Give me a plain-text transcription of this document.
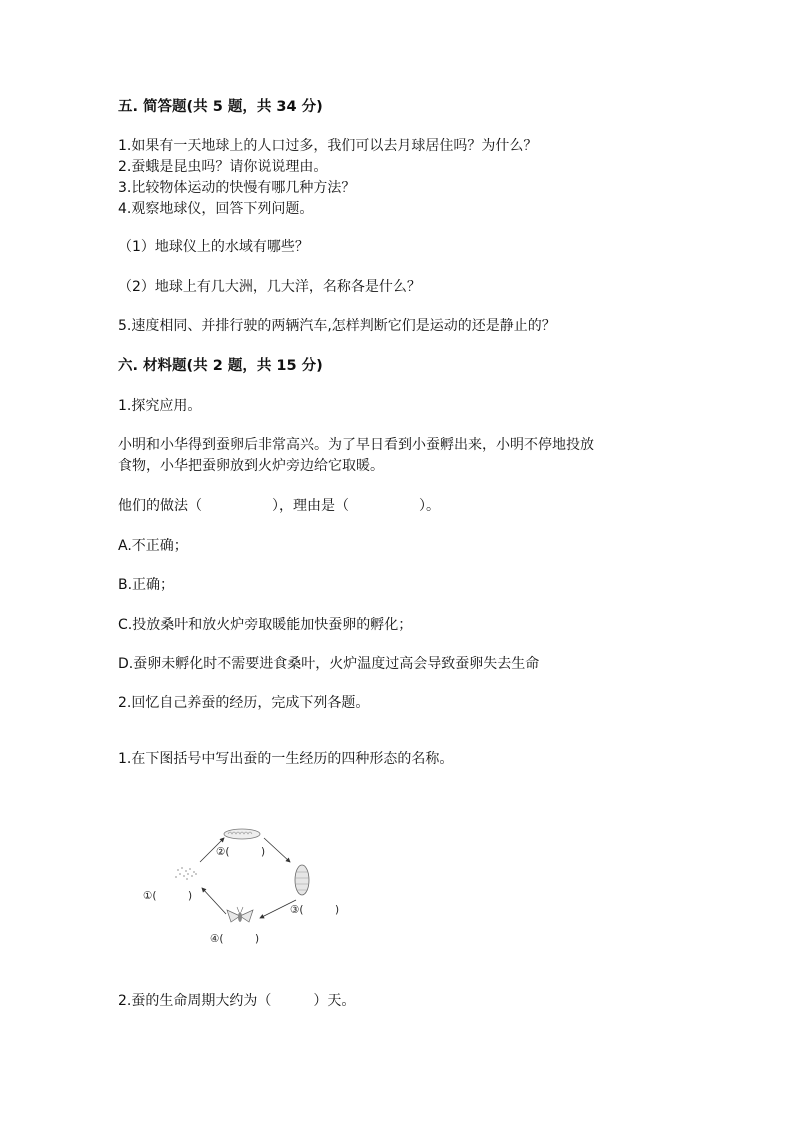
五. 简答题(共 5 题，共 34 分)
1.如果有一天地球上的人口过多，我们可以去月球居住吗？为什么？
2.蚕蛾是昆虫吗？请你说说理由。
3.比较物体运动的快慢有哪几种方法？
4.观察地球仪，回答下列问题。
（1）地球仪上的水域有哪些？
（2）地球上有几大洲，几大洋，名称各是什么？
5.速度相同、并排行驶的两辆汽车,怎样判断它们是运动的还是静止的？
六. 材料题(共 2 题，共 15 分)
1.探究应用。
小明和小华得到蚕卵后非常高兴。为了早日看到小蚕孵出来，小明不停地投放
食物，小华把蚕卵放到火炉旁边给它取暖。
他们的做法（　　　　　），理由是（　　　　　）。
A.不正确；
B.正确；
C.投放桑叶和放火炉旁取暖能加快蚕卵的孵化；
D.蚕卵未孵化时不需要进食桑叶，火炉温度过高会导致蚕卵失去生命
2.回忆自己养蚕的经历，完成下列各题。
1.在下图括号中写出蚕的一生经历的四种形态的名称。
①(　　　)
②(　　　)
③(　　　)
④(　　　)
2.蚕的生命周期大约为（　　　）天。
